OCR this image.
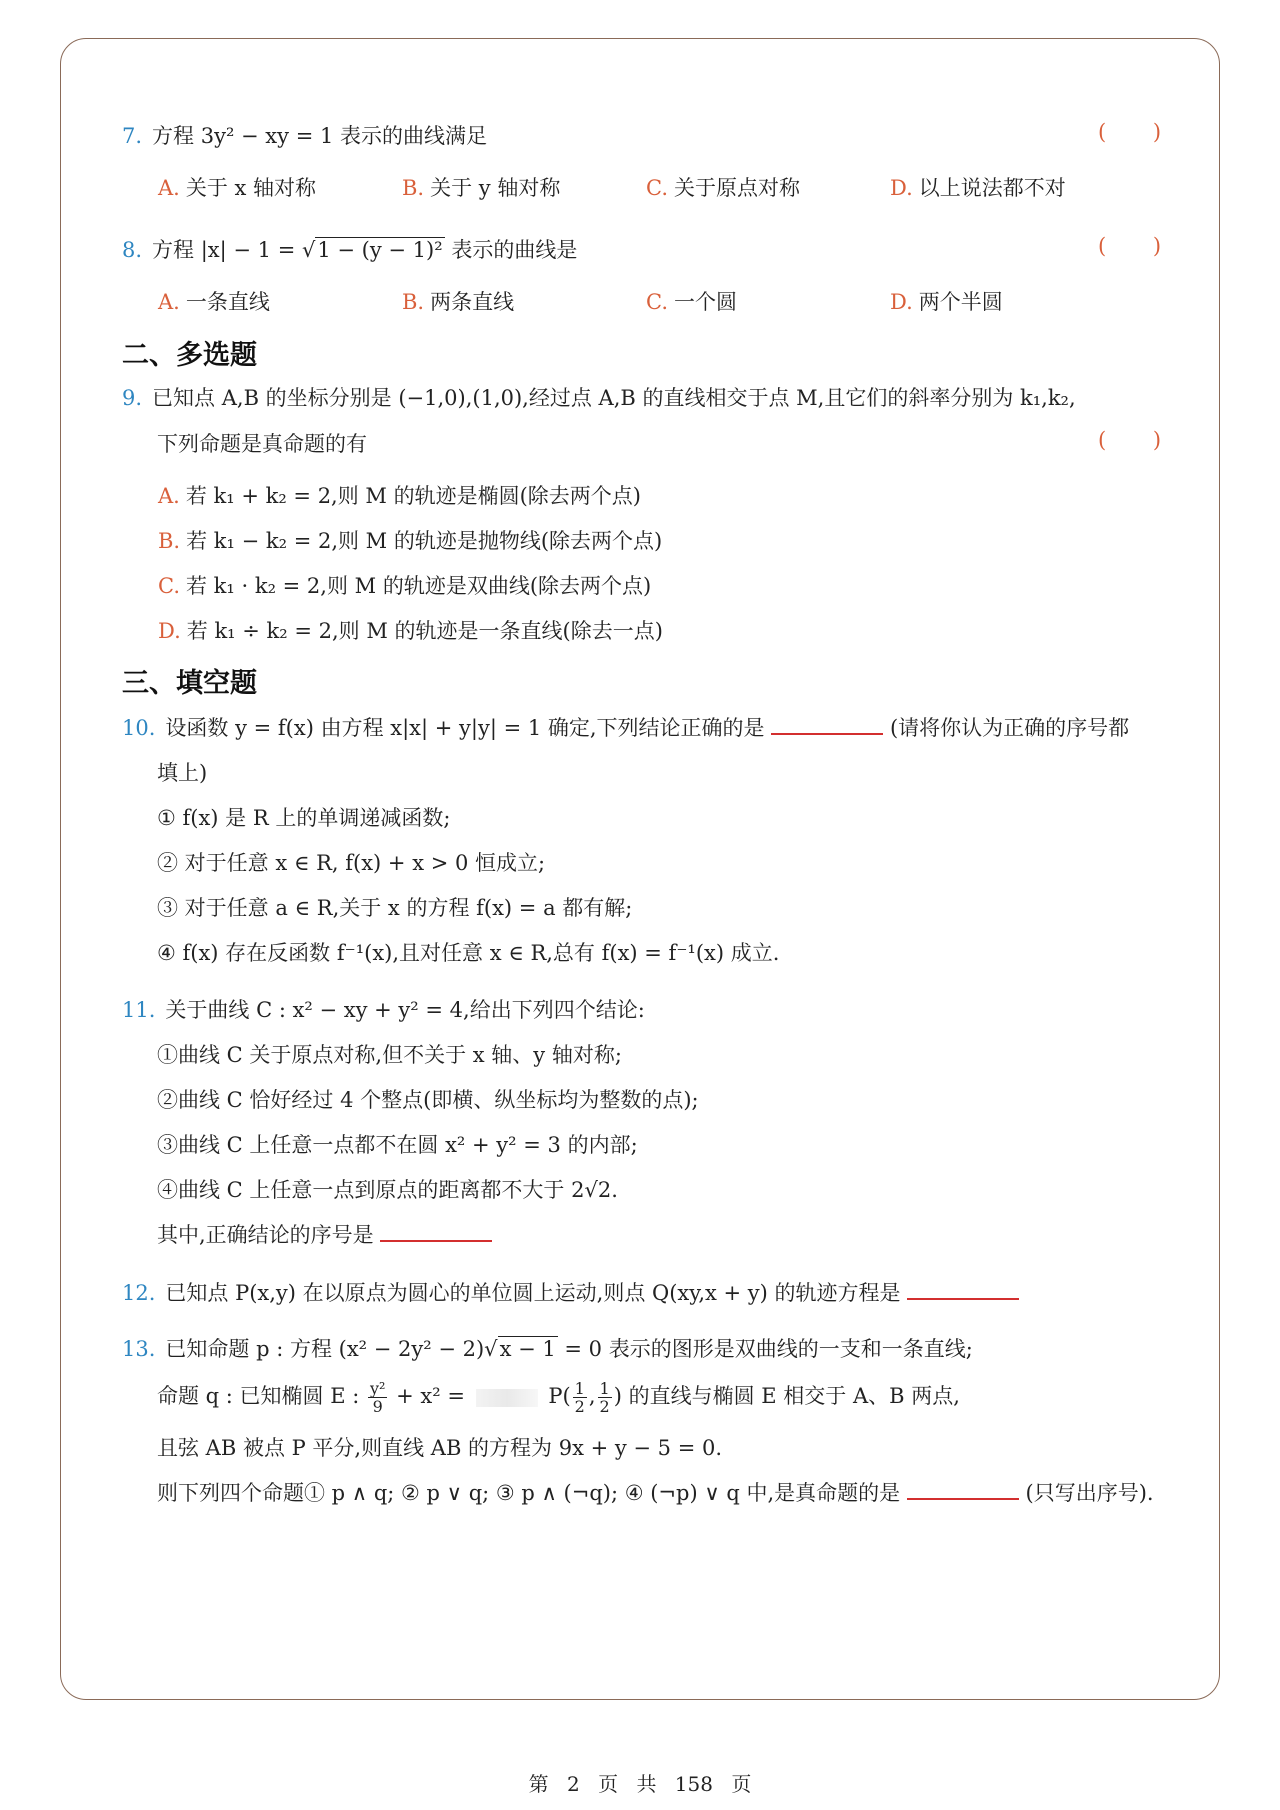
7. 方程 3y² − xy = 1 表示的曲线满足	( )
A. 关于 x 轴对称	B. 关于 y 轴对称	C. 关于原点对称	D. 以上说法都不对
8. 方程 |x| − 1 = √1 − (y − 1)² 表示的曲线是	( )
A. 一条直线	B. 两条直线	C. 一个圆	D. 两个半圆
二、多选题
9. 已知点 A,B 的坐标分别是 (−1,0),(1,0),经过点 A,B 的直线相交于点 M,且它们的斜率分别为 k₁,k₂,
下列命题是真命题的有	( )
A. 若 k₁ + k₂ = 2,则 M 的轨迹是椭圆(除去两个点)
B. 若 k₁ − k₂ = 2,则 M 的轨迹是抛物线(除去两个点)
C. 若 k₁ · k₂ = 2,则 M 的轨迹是双曲线(除去两个点)
D. 若 k₁ ÷ k₂ = 2,则 M 的轨迹是一条直线(除去一点)
三、填空题
10. 设函数 y = f(x) 由方程 x|x| + y|y| = 1 确定,下列结论正确的是	(请将你认为正确的序号都
填上)
① f(x) 是 R 上的单调递减函数;
② 对于任意 x ∈ R, f(x) + x > 0 恒成立;
③ 对于任意 a ∈ R,关于 x 的方程 f(x) = a 都有解;
④ f(x) 存在反函数 f⁻¹(x),且对任意 x ∈ R,总有 f(x) = f⁻¹(x) 成立.
11. 关于曲线 C : x² − xy + y² = 4,给出下列四个结论:
①曲线 C 关于原点对称,但不关于 x 轴、y 轴对称;
②曲线 C 恰好经过 4 个整点(即横、纵坐标均为整数的点);
③曲线 C 上任意一点都不在圆 x² + y² = 3 的内部;
④曲线 C 上任意一点到原点的距离都不大于 2√2.
其中,正确结论的序号是
12. 已知点 P(x,y) 在以原点为圆心的单位圆上运动,则点 Q(xy,x + y) 的轨迹方程是
13. 已知命题 p : 方程 (x² − 2y² − 2)√x − 1 = 0 表示的图形是双曲线的一支和一条直线;
命题 q : 已知椭圆 E : $\frac{\text{y²}}{9} + x^2$ =	$P( \frac{1}{2}$ , $\frac{1}{2}$ ) 的直线与椭圆 E 相交于 A、B 两点,
且弦 AB 被点 P 平分,则直线 AB 的方程为 9x + y − 5 = 0.
则下列四个命题① p ∧ q; ② p ∨ q; ③ p ∧ (¬q); ④ (¬p) ∨ q 中,是真命题的是	(只写出序号).
第 2 页 共 158 页
